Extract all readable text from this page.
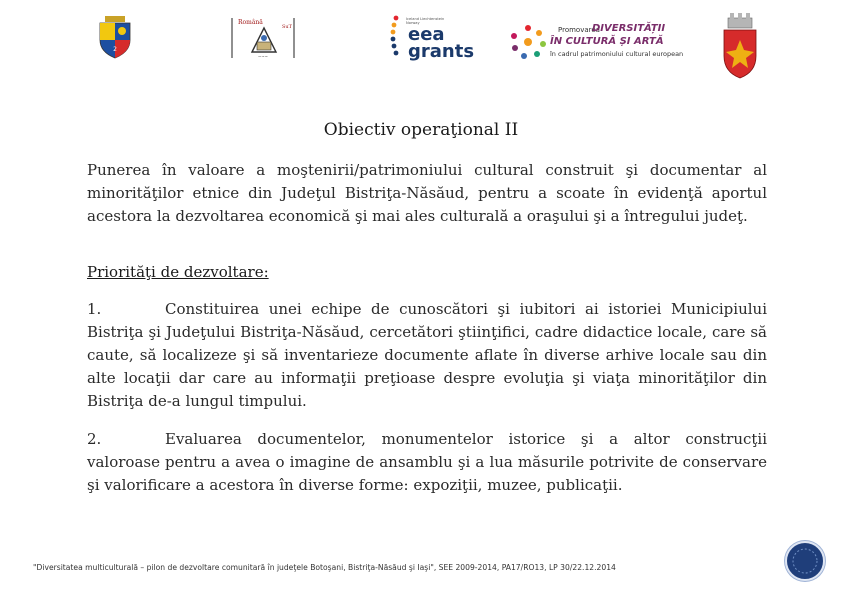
2
Română
SuT
~~~
Iceland Liechtenstein Norway
eea
grants
Promovarea
DIVERSITĂȚII
ÎN CULTURĂ ȘI ARTĂ
în cadrul patrimoniului cultural european
Obiectiv operaţional II
Punerea în valoare a moştenirii/patrimoniului cultural construit şi documentar al minorităţilor etnice din Judeţul Bistriţa-Năsăud, pentru a scoate în evidenţă aportul acestora la dezvoltarea economică şi mai ales culturală a oraşului şi a întregului judeţ.
Priorităţi de dezvoltare:
1.	Constituirea unei echipe de cunoscători şi iubitori ai istoriei Municipiului Bistriţa şi Judeţului Bistriţa-Năsăud, cercetători ştiinţifici, cadre didactice locale, care să caute, să localizeze şi să inventarieze documente aflate în diverse arhive locale sau din alte locaţii dar care au informaţii preţioase despre evoluţia şi viaţa minorităţilor din Bistriţa de-a lungul timpului.
2.	Evaluarea documentelor, monumentelor istorice şi a altor construcţii valoroase pentru a avea o imagine de ansamblu şi a lua măsurile potrivite de conservare şi valorificare a acestora în diverse forme: expoziţii, muzee, publicaţii.
"Diversitatea multiculturală – pilon de dezvoltare comunitară în judeţele Botoşani, Bistriţa-Năsăud şi Iaşi", SEE 2009-2014, PA17/RO13, LP 30/22.12.2014
